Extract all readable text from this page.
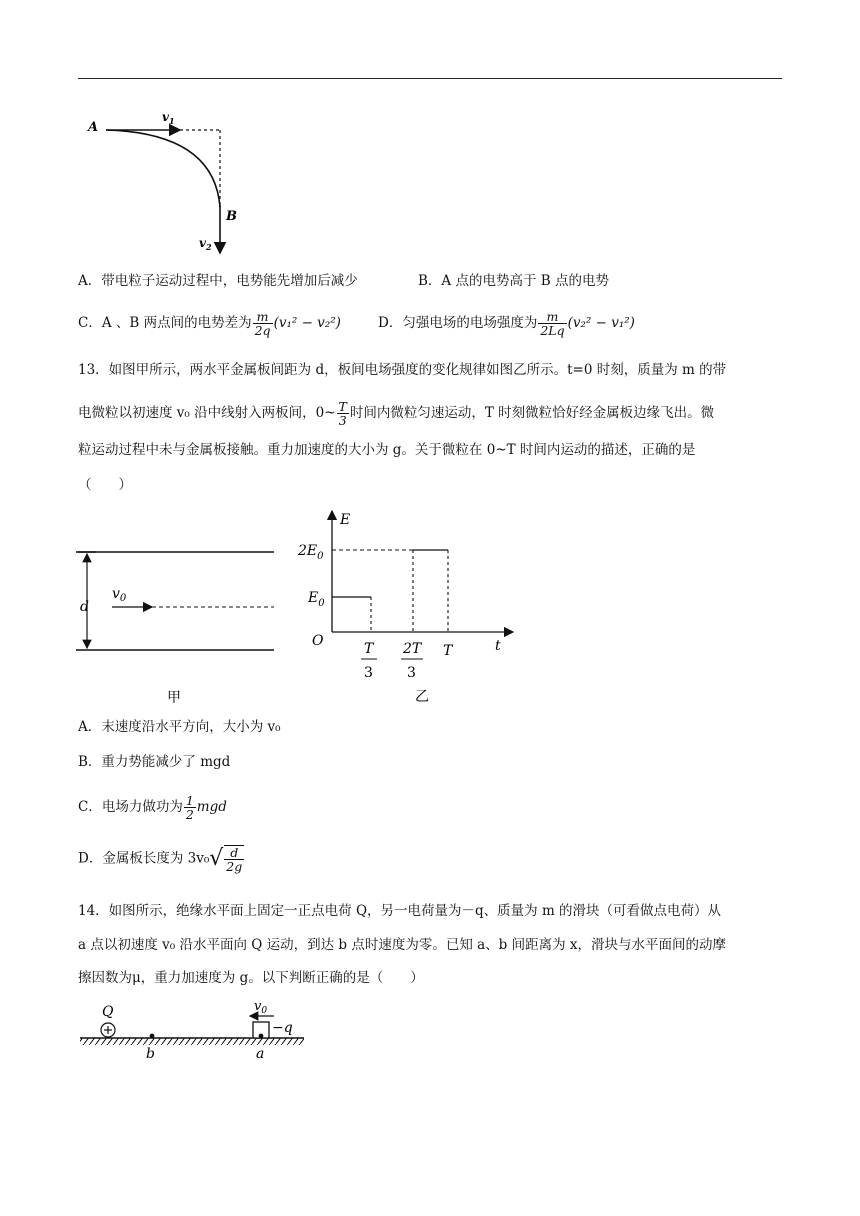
A
$v_1$
B
$v_2$
A．带电粒子运动过程中，电势能先增加后减少	B．A 点的电势高于 B 点的电势
C．A 、B 两点间的电势差为 $\frac{m}{2q} (v_1^2 - v_2^2)$	D．匀强电场的电场强度为 $\frac{m}{2Lq} (v_2^2 - v_1^2)$
13．如图甲所示，两水平金属板间距为 d，板间电场强度的变化规律如图乙所示。t=0 时刻，质量为 m 的带
电微粒以初速度 v₀ 沿中线射入两板间，0~ $\frac{T}{3}$ 时间内微粒匀速运动，T 时刻微粒恰好经金属板边缘飞出。微
粒运动过程中未与金属板接触。重力加速度的大小为 g。关于微粒在 0~T 时间内运动的描述，正确的是
（　　）
d
$v_0$
甲
E
$2E_0$
$E_0$
O	T
3
2T
3
T	t
乙
A．末速度沿水平方向，大小为 v₀
B．重力势能减少了 mgd
C．电场力做功为 $\frac{1}{2}$ mgd
D．金属板长度为 $3v_0√ \frac{d}{2g}$
14．如图所示，绝缘水平面上固定一正点电荷 Q，另一电荷量为－q、质量为 m 的滑块（可看做点电荷）从
a 点以初速度 v₀ 沿水平面向 Q 运动，到达 b 点时速度为零。已知 a、b 间距离为 x，滑块与水平面间的动摩
擦因数为μ，重力加速度为 g。以下判断正确的是（　　）
Q
b	a
$v_0$
−q
